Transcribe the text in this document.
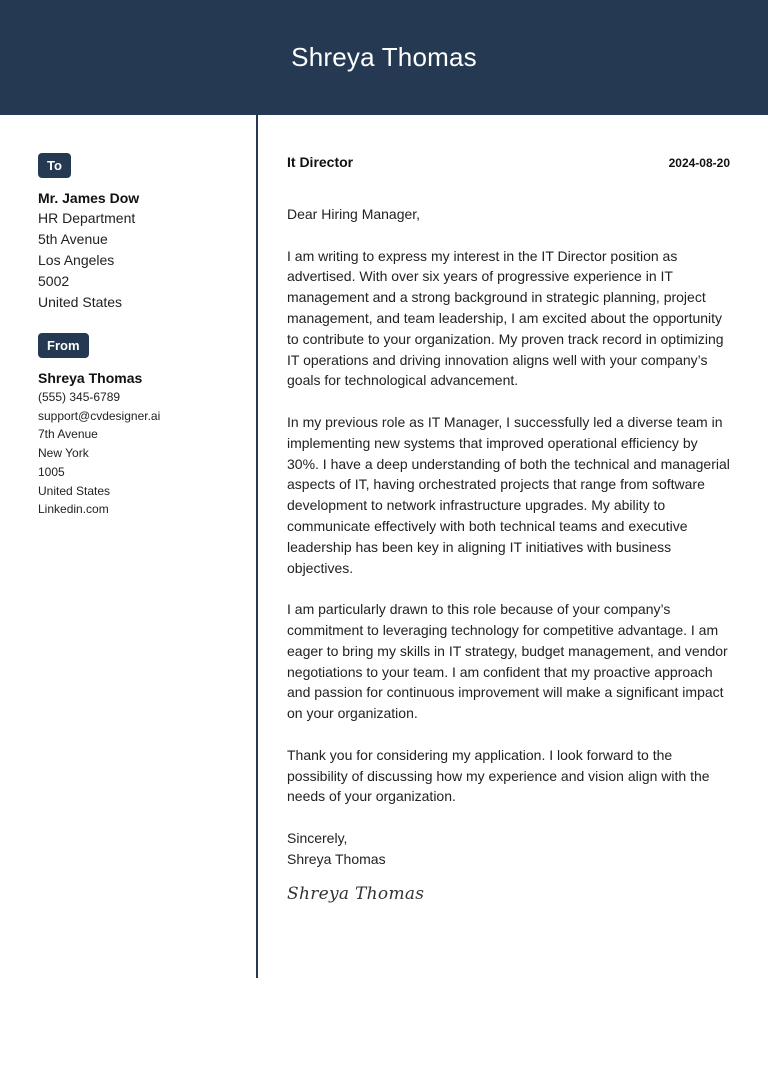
Shreya Thomas
To
Mr. James Dow
HR Department
5th Avenue
Los Angeles
5002
United States
From
Shreya Thomas
(555) 345-6789
support@cvdesigner.ai
7th Avenue
New York
1005
United States
Linkedin.com
It Director	2024-08-20

Dear Hiring Manager,

I am writing to express my interest in the IT Director position as advertised. With over six years of progressive experience in IT management and a strong background in strategic planning, project management, and team leadership, I am excited about the opportunity to contribute to your organization. My proven track record in optimizing IT operations and driving innovation aligns well with your company’s goals for technological advancement.

In my previous role as IT Manager, I successfully led a diverse team in implementing new systems that improved operational efficiency by 30%. I have a deep understanding of both the technical and managerial aspects of IT, having orchestrated projects that range from software development to network infrastructure upgrades. My ability to communicate effectively with both technical teams and executive leadership has been key in aligning IT initiatives with business objectives.

I am particularly drawn to this role because of your company’s commitment to leveraging technology for competitive advantage. I am eager to bring my skills in IT strategy, budget management, and vendor negotiations to your team. I am confident that my proactive approach and passion for continuous improvement will make a significant impact on your organization.

Thank you for considering my application. I look forward to the possibility of discussing how my experience and vision align with the needs of your organization.

Sincerely,
Shreya Thomas
Shreya Thomas
